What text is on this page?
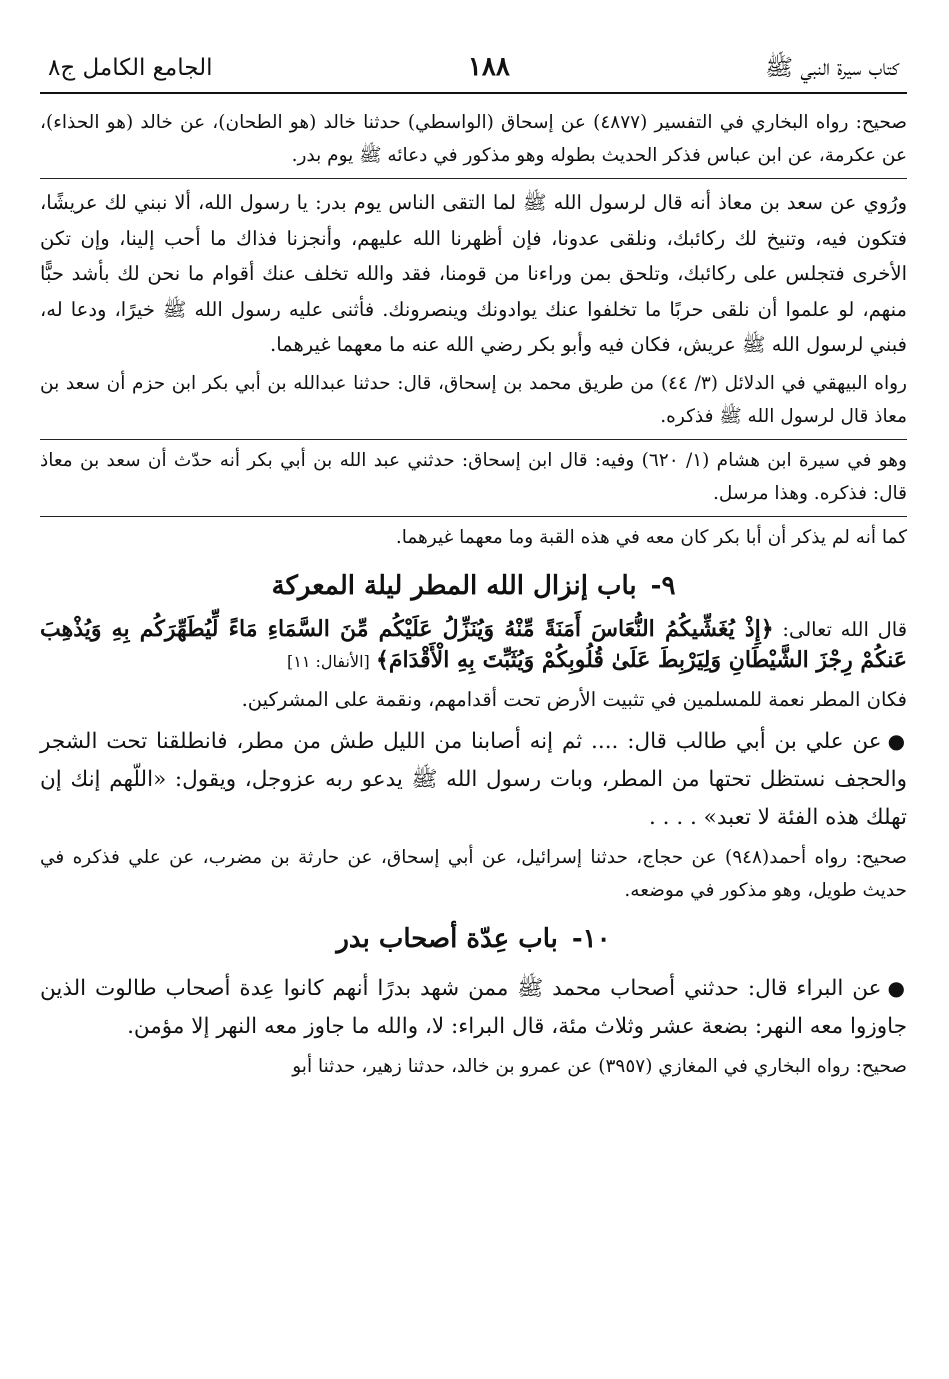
كتاب سيرة النبي ﷺ
١٨٨
الجامع الكامل ج٨
صحيح: رواه البخاري في التفسير (٤٨٧٧) عن إسحاق (الواسطي) حدثنا خالد (هو الطحان)، عن خالد (هو الحذاء)، عن عكرمة، عن ابن عباس فذكر الحديث بطوله وهو مذكور في دعائه ﷺ يوم بدر.
ورُوي عن سعد بن معاذ أنه قال لرسول الله ﷺ لما التقى الناس يوم بدر: يا رسول الله، ألا نبني لك عريشًا، فتكون فيه، وتنيخ لك ركائبك، ونلقى عدونا، فإن أظهرنا الله عليهم، وأنجزنا فذاك ما أحب إلينا، وإن تكن الأخرى فتجلس على ركائبك، وتلحق بمن وراءنا من قومنا، فقد والله تخلف عنك أقوام ما نحن لك بأشد حبًّا منهم، لو علموا أن نلقى حربًا ما تخلفوا عنك يوادونك وينصرونك. فأثنى عليه رسول الله ﷺ خيرًا، ودعا له، فبني لرسول الله ﷺ عريش، فكان فيه وأبو بكر رضي الله عنه ما معهما غيرهما.
رواه البيهقي في الدلائل (٣/ ٤٤) من طريق محمد بن إسحاق، قال: حدثنا عبدالله بن أبي بكر ابن حزم أن سعد بن معاذ قال لرسول الله ﷺ فذكره.
وهو في سيرة ابن هشام (١/ ٦٢٠) وفيه: قال ابن إسحاق: حدثني عبد الله بن أبي بكر أنه حدّث أن سعد بن معاذ قال: فذكره. وهذا مرسل.
كما أنه لم يذكر أن أبا بكر كان معه في هذه القبة وما معهما غيرهما.
٩-باب إنزال الله المطر ليلة المعركة
قال الله تعالى: ﴿إِذْ يُغَشِّيكُمُ النُّعَاسَ أَمَنَةً مِّنْهُ وَيُنَزِّلُ عَلَيْكُم مِّنَ السَّمَاءِ مَاءً لِّيُطَهِّرَكُم بِهِ وَيُذْهِبَ عَنكُمْ رِجْزَ الشَّيْطَانِ وَلِيَرْبِطَ عَلَىٰ قُلُوبِكُمْ وَيُثَبِّتَ بِهِ الْأَقْدَامَ﴾ [الأنفال: ١١]
فكان المطر نعمة للمسلمين في تثبيت الأرض تحت أقدامهم، ونقمة على المشركين.
●عن علي بن أبي طالب قال: .... ثم إنه أصابنا من الليل طش من مطر، فانطلقنا تحت الشجر والحجف نستظل تحتها من المطر، وبات رسول الله ﷺ يدعو ربه عزوجل، ويقول: «اللّهم إنك إن تهلك هذه الفئة لا تعبد» . . . .
صحيح: رواه أحمد(٩٤٨) عن حجاج، حدثنا إسرائيل، عن أبي إسحاق، عن حارثة بن مضرب، عن علي فذكره في حديث طويل، وهو مذكور في موضعه.
١٠-باب عِدّة أصحاب بدر
●عن البراء قال: حدثني أصحاب محمد ﷺ ممن شهد بدرًا أنهم كانوا عِدة أصحاب طالوت الذين جاوزوا معه النهر: بضعة عشر وثلاث مئة، قال البراء: لا، والله ما جاوز معه النهر إلا مؤمن.
صحيح: رواه البخاري في المغازي (٣٩٥٧) عن عمرو بن خالد، حدثنا زهير، حدثنا أبو
